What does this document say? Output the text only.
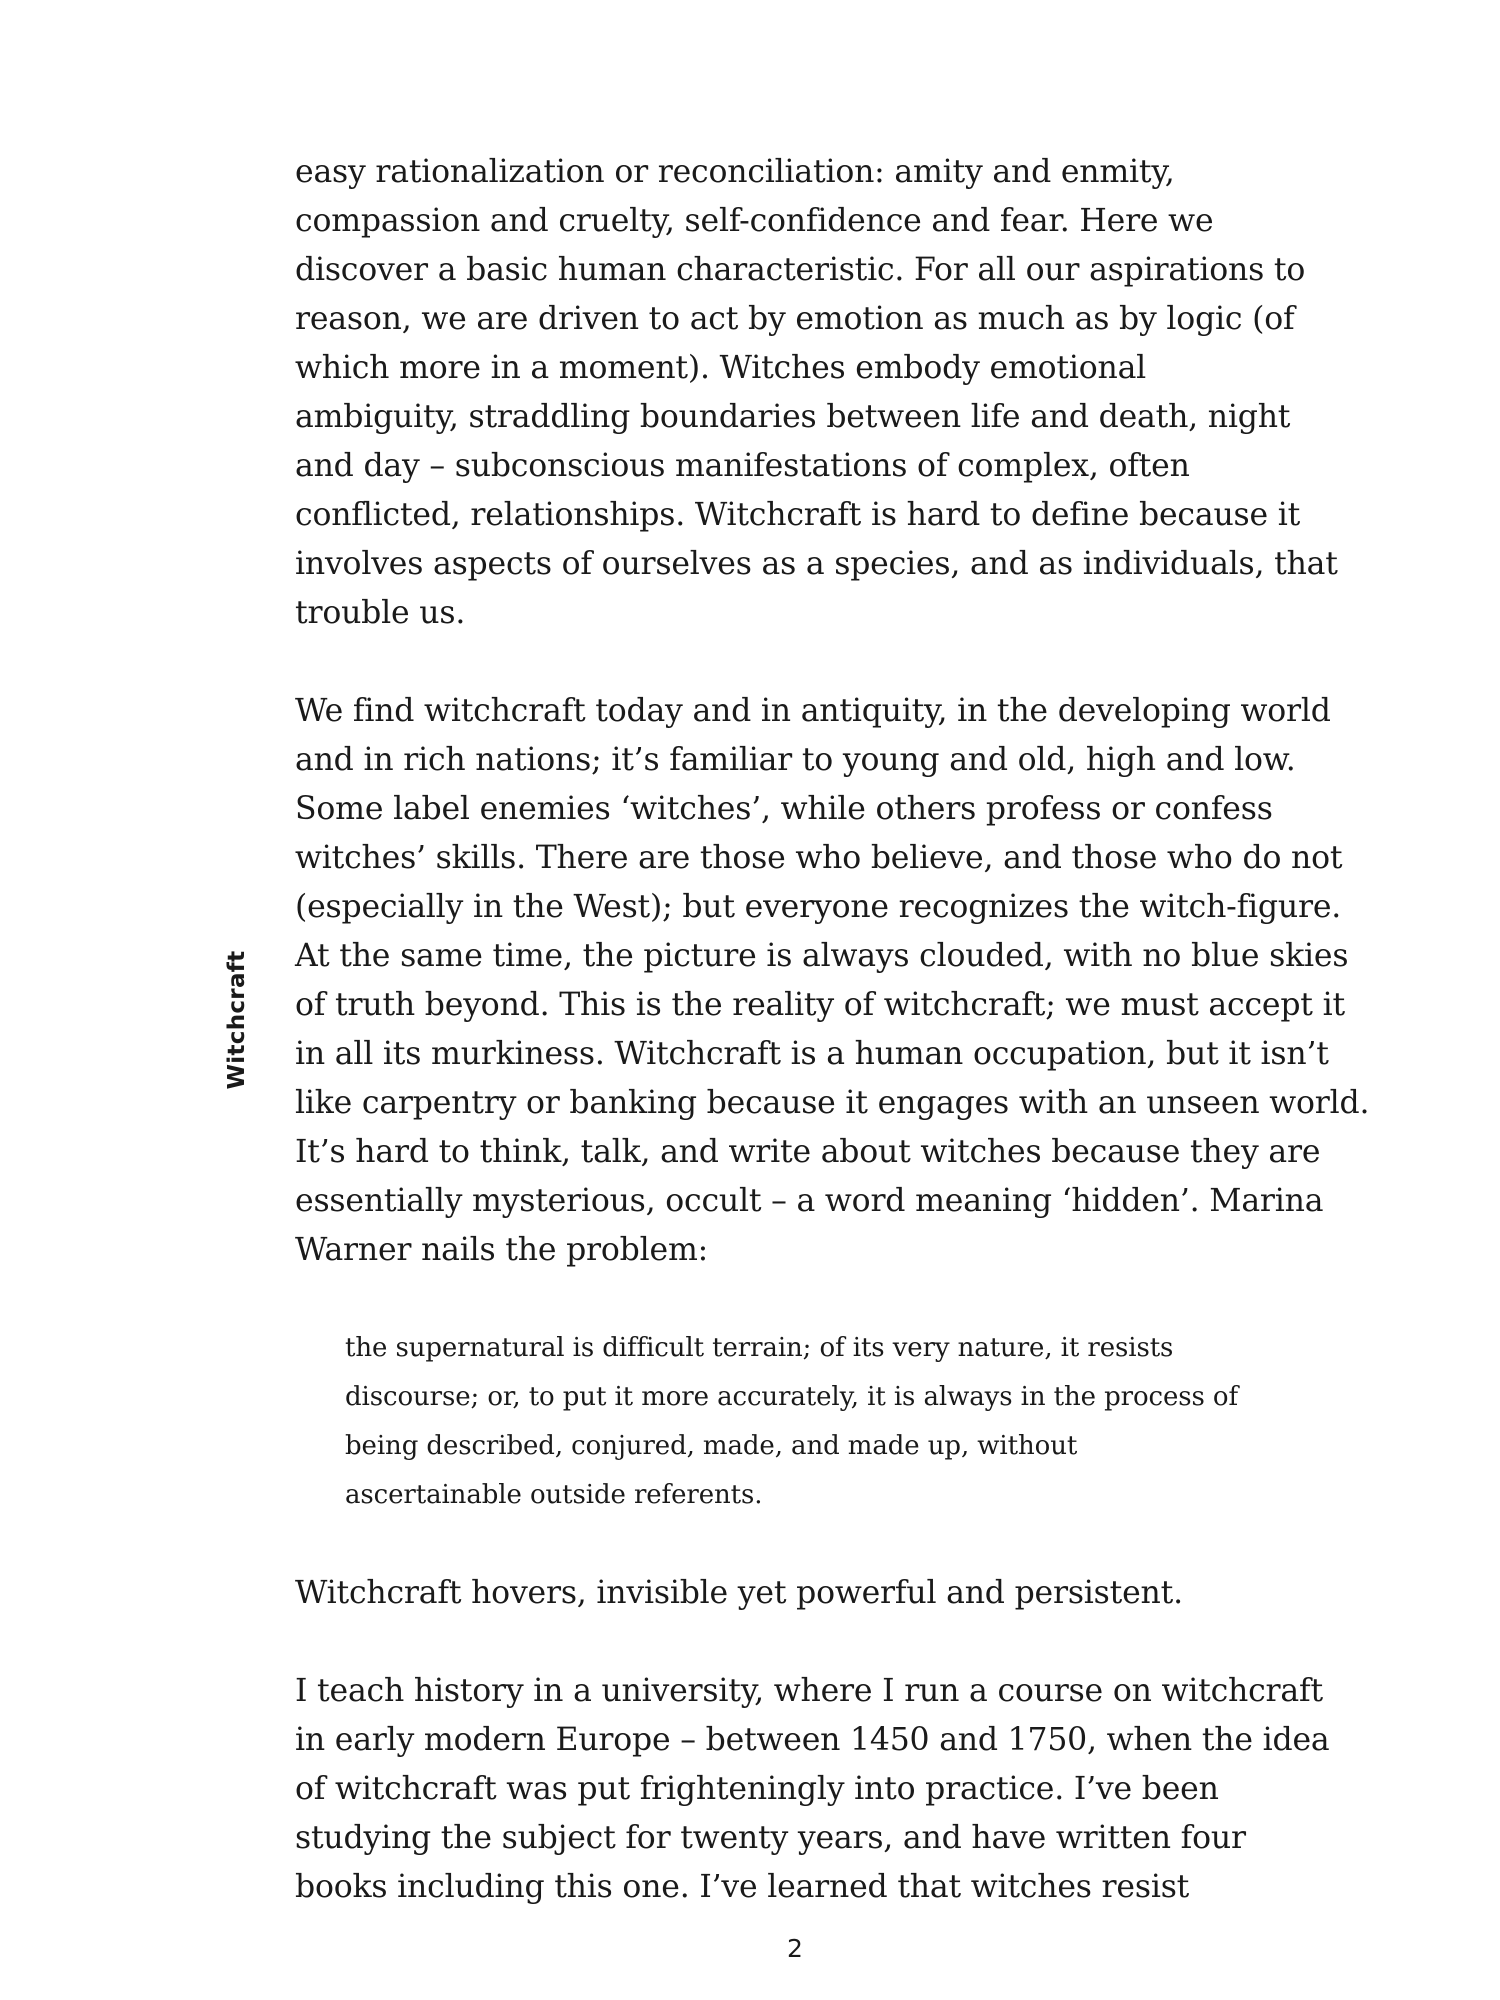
Witchcraft
easy rationalization or reconciliation: amity and enmity,
compassion and cruelty, self-confidence and fear. Here we
discover a basic human characteristic. For all our aspirations to
reason, we are driven to act by emotion as much as by logic (of
which more in a moment). Witches embody emotional
ambiguity, straddling boundaries between life and death, night
and day – subconscious manifestations of complex, often
conflicted, relationships. Witchcraft is hard to define because it
involves aspects of ourselves as a species, and as individuals, that
trouble us.
We find witchcraft today and in antiquity, in the developing world
and in rich nations; it’s familiar to young and old, high and low.
Some label enemies ‘witches’, while others profess or confess
witches’ skills. There are those who believe, and those who do not
(especially in the West); but everyone recognizes the witch-figure.
At the same time, the picture is always clouded, with no blue skies
of truth beyond. This is the reality of witchcraft; we must accept it
in all its murkiness. Witchcraft is a human occupation, but it isn’t
like carpentry or banking because it engages with an unseen world.
It’s hard to think, talk, and write about witches because they are
essentially mysterious, occult – a word meaning ‘hidden’. Marina
Warner nails the problem:
the supernatural is difficult terrain; of its very nature, it resists
discourse; or, to put it more accurately, it is always in the process of
being described, conjured, made, and made up, without
ascertainable outside referents.
Witchcraft hovers, invisible yet powerful and persistent.
I teach history in a university, where I run a course on witchcraft
in early modern Europe – between 1450 and 1750, when the idea
of witchcraft was put frighteningly into practice. I’ve been
studying the subject for twenty years, and have written four
books including this one. I’ve learned that witches resist
2
